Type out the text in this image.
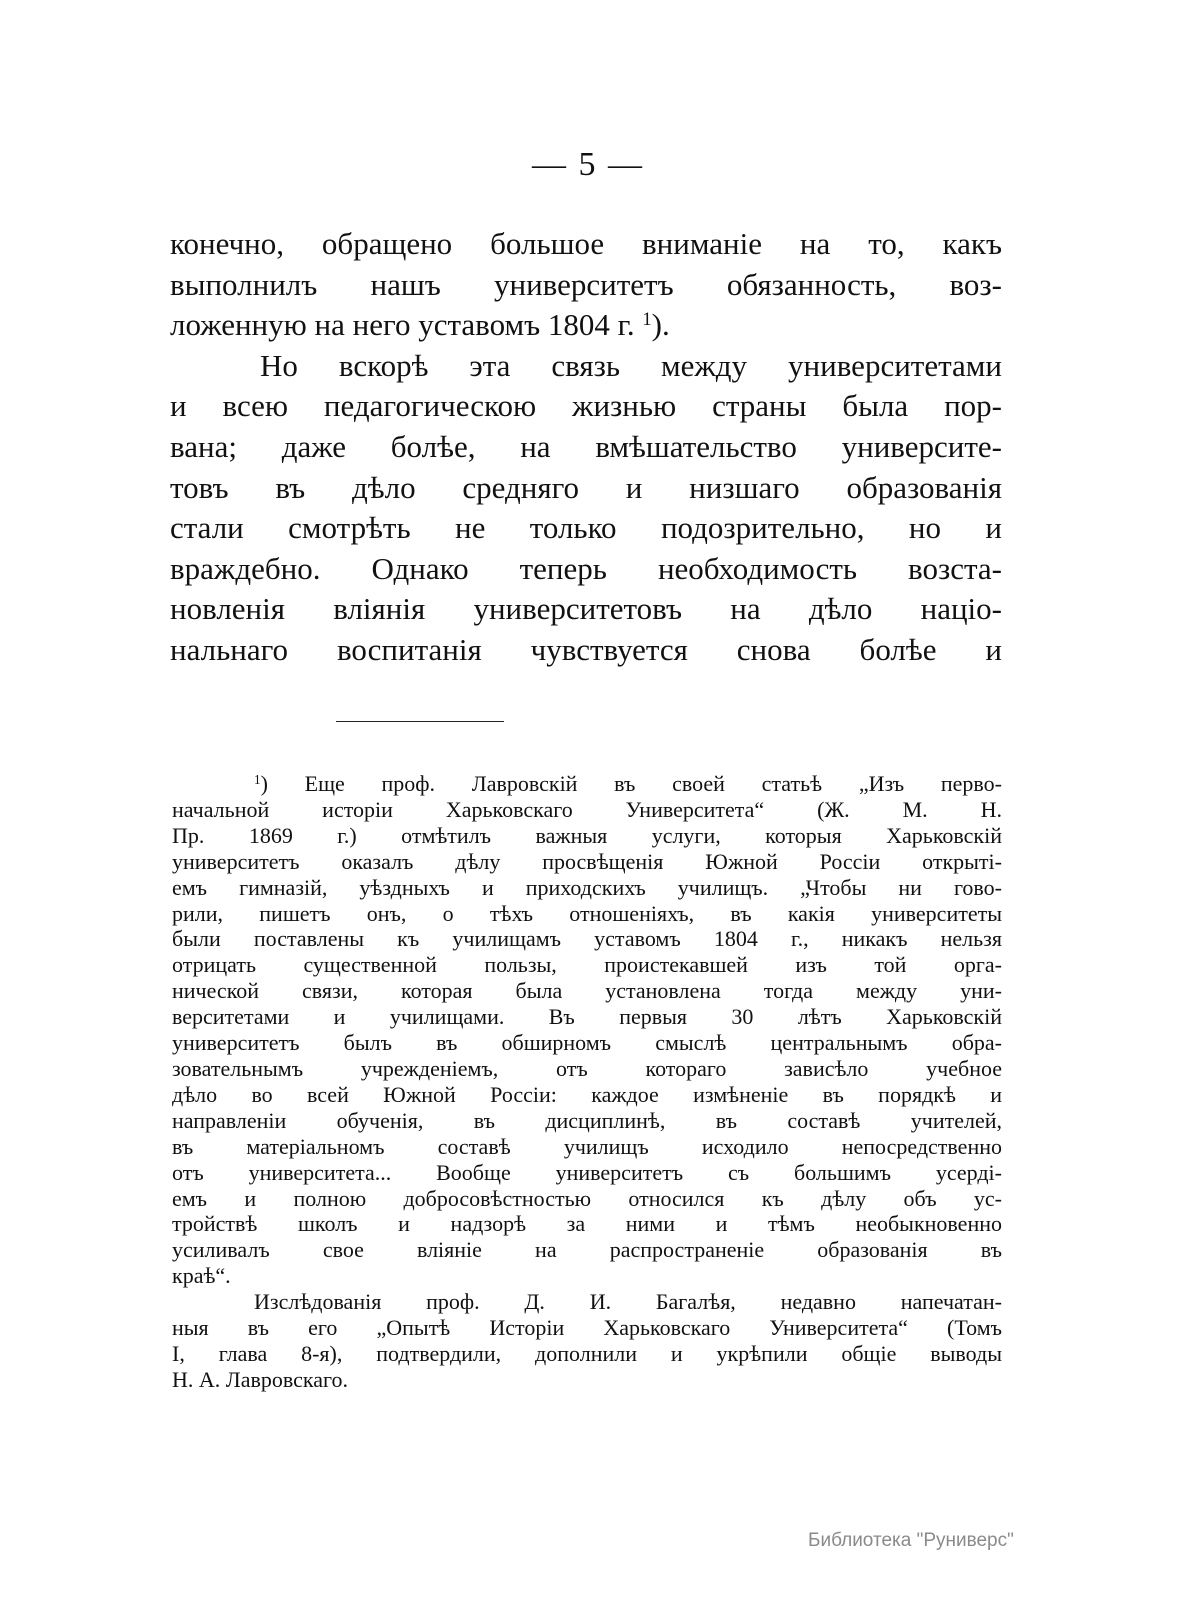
— 5 —
конечно, обращено большое вниманіе на то, какъ
выполнилъ нашъ университетъ обязанность, воз-
ложенную на него уставомъ 1804 г. $^1$).
Но вскорѣ эта связь между университетами
и всею педагогическою жизнью страны была пор-
вана; даже болѣе, на вмѣшательство университе-
товъ въ дѣло средняго и низшаго образованія
стали смотрѣть не только подозрительно, но и
враждебно. Однако теперь необходимость возста-
новленія вліянія университетовъ на дѣло націо-
нальнаго воспитанія чувствуется снова болѣе и
$^1$) Еще проф. Лавровскій въ своей статьѣ „Изъ перво-
начальной исторіи Харьковскаго Университета“ (Ж. М. Н.
Пр. 1869 г.) отмѣтилъ важныя услуги, которыя Харьковскій
университетъ оказалъ дѣлу просвѣщенія Южной Россіи открыті-
емъ гимназій, уѣздныхъ и приходскихъ училищъ. „Чтобы ни гово-
рили, пишетъ онъ, о тѣхъ отношеніяхъ, въ какія университеты
были поставлены къ училищамъ уставомъ 1804 г., никакъ нельзя
отрицать существенной пользы, проистекавшей изъ той орга-
нической связи, которая была установлена тогда между уни-
верситетами и училищами. Въ первыя 30 лѣтъ Харьковскій
университетъ былъ въ обширномъ смыслѣ центральнымъ обра-
зовательнымъ учрежденіемъ, отъ котораго зависѣло учебное
дѣло во всей Южной Россіи: каждое измѣненіе въ порядкѣ и
направленіи обученія, въ дисциплинѣ, въ составѣ учителей,
въ матеріальномъ составѣ училищъ исходило непосредственно
отъ университета... Вообще университетъ съ большимъ усерді-
емъ и полною добросовѣстностью относился къ дѣлу объ ус-
тройствѣ школъ и надзорѣ за ними и тѣмъ необыкновенно
усиливалъ свое вліяніе на распространеніе образованія въ
краѣ“.
Изслѣдованія проф. Д. И. Багалѣя, недавно напечатан-
ныя въ его „Опытѣ Исторіи Харьковскаго Университета“ (Томъ
I, глава 8-я), подтвердили, дополнили и укрѣпили общіе выводы
Н. А. Лавровскаго.
Библиотека "Руниверс"
